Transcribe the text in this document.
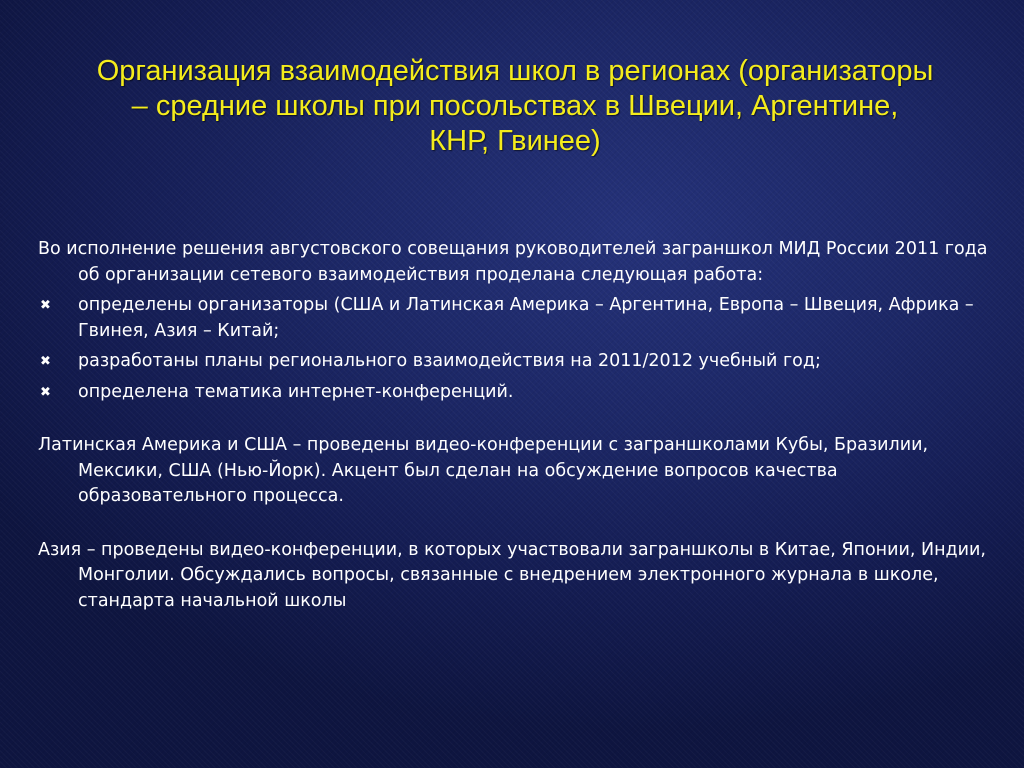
Организация взаимодействия школ в регионах (организаторы
– средние школы при посольствах в Швеции, Аргентине,
КНР, Гвинее)

Во исполнение решения августовского совещания руководителей заграншкол МИД России 2011 года об организации сетевого взаимодействия проделана следующая работа:

✖ определены организаторы (США и Латинская Америка – Аргентина, Европа – Швеция, Африка – Гвинея, Азия – Китай;
✖ разработаны планы регионального взаимодействия на 2011/2012 учебный год;
✖ определена тематика интернет-конференций.

Латинская Америка и США – проведены видео-конференции с заграншколами Кубы, Бразилии, Мексики, США (Нью-Йорк). Акцент был сделан на обсуждение вопросов качества образовательного процесса.

Азия – проведены видео-конференции, в которых участвовали заграншколы в Китае, Японии, Индии, Монголии. Обсуждались вопросы, связанные с внедрением электронного журнала в школе, стандарта начальной школы
